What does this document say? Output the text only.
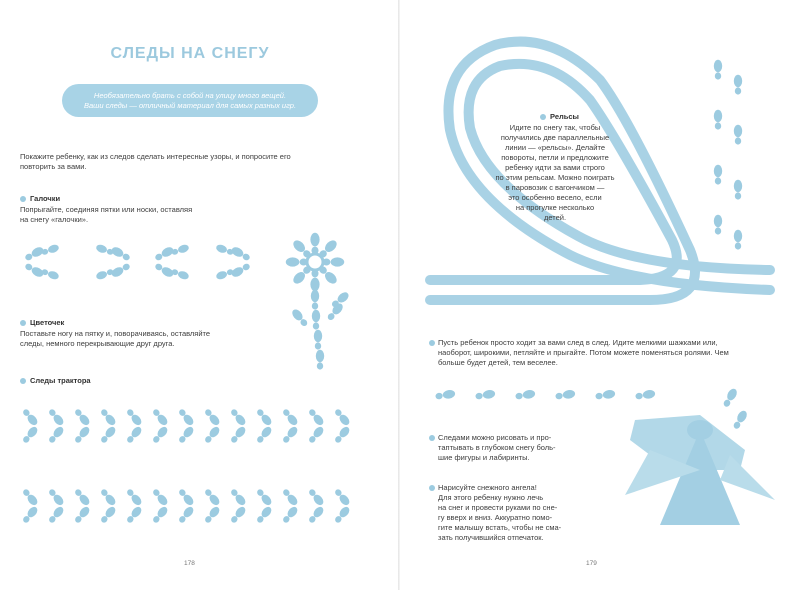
СЛЕДЫ НА СНЕГУ
Необязательно брать с собой на улицу много вещей.
Ваши следы — отличный материал для самых разных игр.
Покажите ребенку, как из следов сделать интересные узоры, и попросите его
повторить за вами.
Галочки
Попрыгайте, соединяя пятки или носки, оставляя
на снегу «галочки».
Цветочек
Поставьте ногу на пятку и, поворачиваясь, оставляйте
следы, немного перекрывающие друг друга.
Следы трактора
178
Рельсы
Идите по снегу так, чтобы
получились две параллельные
линии — «рельсы». Делайте
повороты, петли и предложите
ребенку идти за вами строго
по этим рельсам. Можно поиграть
в паровозик с вагончиком —
это особенно весело, если
на прогулке несколько
детей.
Пусть ребенок просто ходит за вами след в след. Идите мелкими шажками или,
наоборот, широкими, петляйте и прыгайте. Потом можете поменяться ролями. Чем
больше будет детей, тем веселее.
Следами можно рисовать и про-
таптывать в глубоком снегу боль-
шие фигуры и лабиринты.
Нарисуйте снежного ангела!
Для этого ребенку нужно лечь
на снег и провести руками по сне-
гу вверх и вниз. Аккуратно помо-
гите малышу встать, чтобы не сма-
зать получившийся отпечаток.
179
